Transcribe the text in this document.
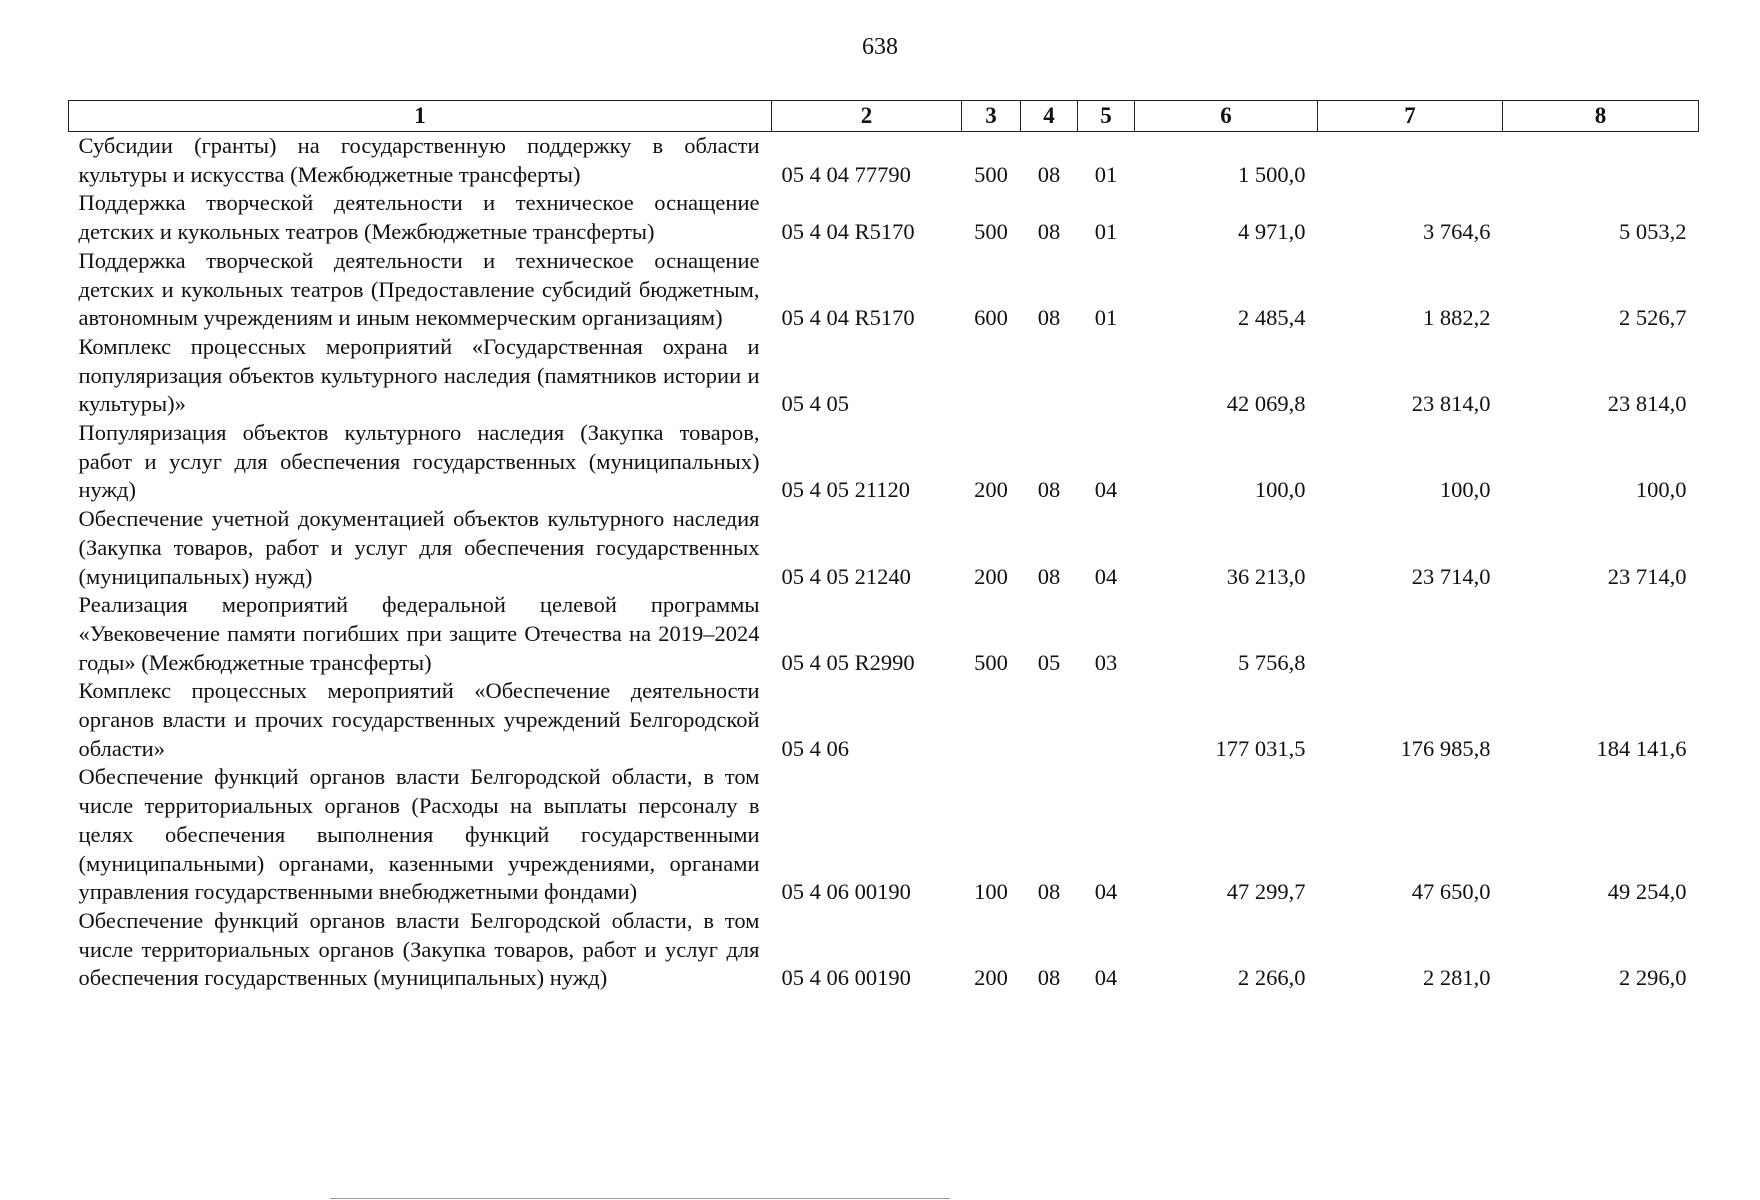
638
1	2	3	4	5	6	7	8
Субсидии (гранты) на государственную поддержку в области культуры и искусства (Межбюджетные трансферты)	05 4 04 77790	500	08	01	1 500,0		
Поддержка творческой деятельности и техническое оснащение детских и кукольных театров (Межбюджетные трансферты)	05 4 04 R5170	500	08	01	4 971,0	3 764,6	5 053,2
Поддержка творческой деятельности и техническое оснащение детских и кукольных театров (Предоставление субсидий бюджетным, автономным учреждениям и иным некоммерческим организациям)	05 4 04 R5170	600	08	01	2 485,4	1 882,2	2 526,7
Комплекс процессных мероприятий «Государственная охрана и популяризация объектов культурного наследия (памятников истории и культуры)»	05 4 05				42 069,8	23 814,0	23 814,0
Популяризация объектов культурного наследия (Закупка товаров, работ и услуг для обеспечения государственных (муниципальных) нужд)	05 4 05 21120	200	08	04	100,0	100,0	100,0
Обеспечение учетной документацией объектов культурного наследия (Закупка товаров, работ и услуг для обеспечения государственных (муниципальных) нужд)	05 4 05 21240	200	08	04	36 213,0	23 714,0	23 714,0
Реализация мероприятий федеральной целевой программы «Увековечение памяти погибших при защите Отечества на 2019–2024 годы» (Межбюджетные трансферты)	05 4 05 R2990	500	05	03	5 756,8		
Комплекс процессных мероприятий «Обеспечение деятельности органов власти и прочих государственных учреждений Белгородской области»	05 4 06				177 031,5	176 985,8	184 141,6
Обеспечение функций органов власти Белгородской области, в том числе территориальных органов (Расходы на выплаты персоналу в целях обеспечения выполнения функций государственными (муниципальными) органами, казенными учреждениями, органами управления государственными внебюджетными фондами)	05 4 06 00190	100	08	04	47 299,7	47 650,0	49 254,0
Обеспечение функций органов власти Белгородской области, в том числе территориальных органов (Закупка товаров, работ и услуг для обеспечения государственных (муниципальных) нужд)	05 4 06 00190	200	08	04	2 266,0	2 281,0	2 296,0
